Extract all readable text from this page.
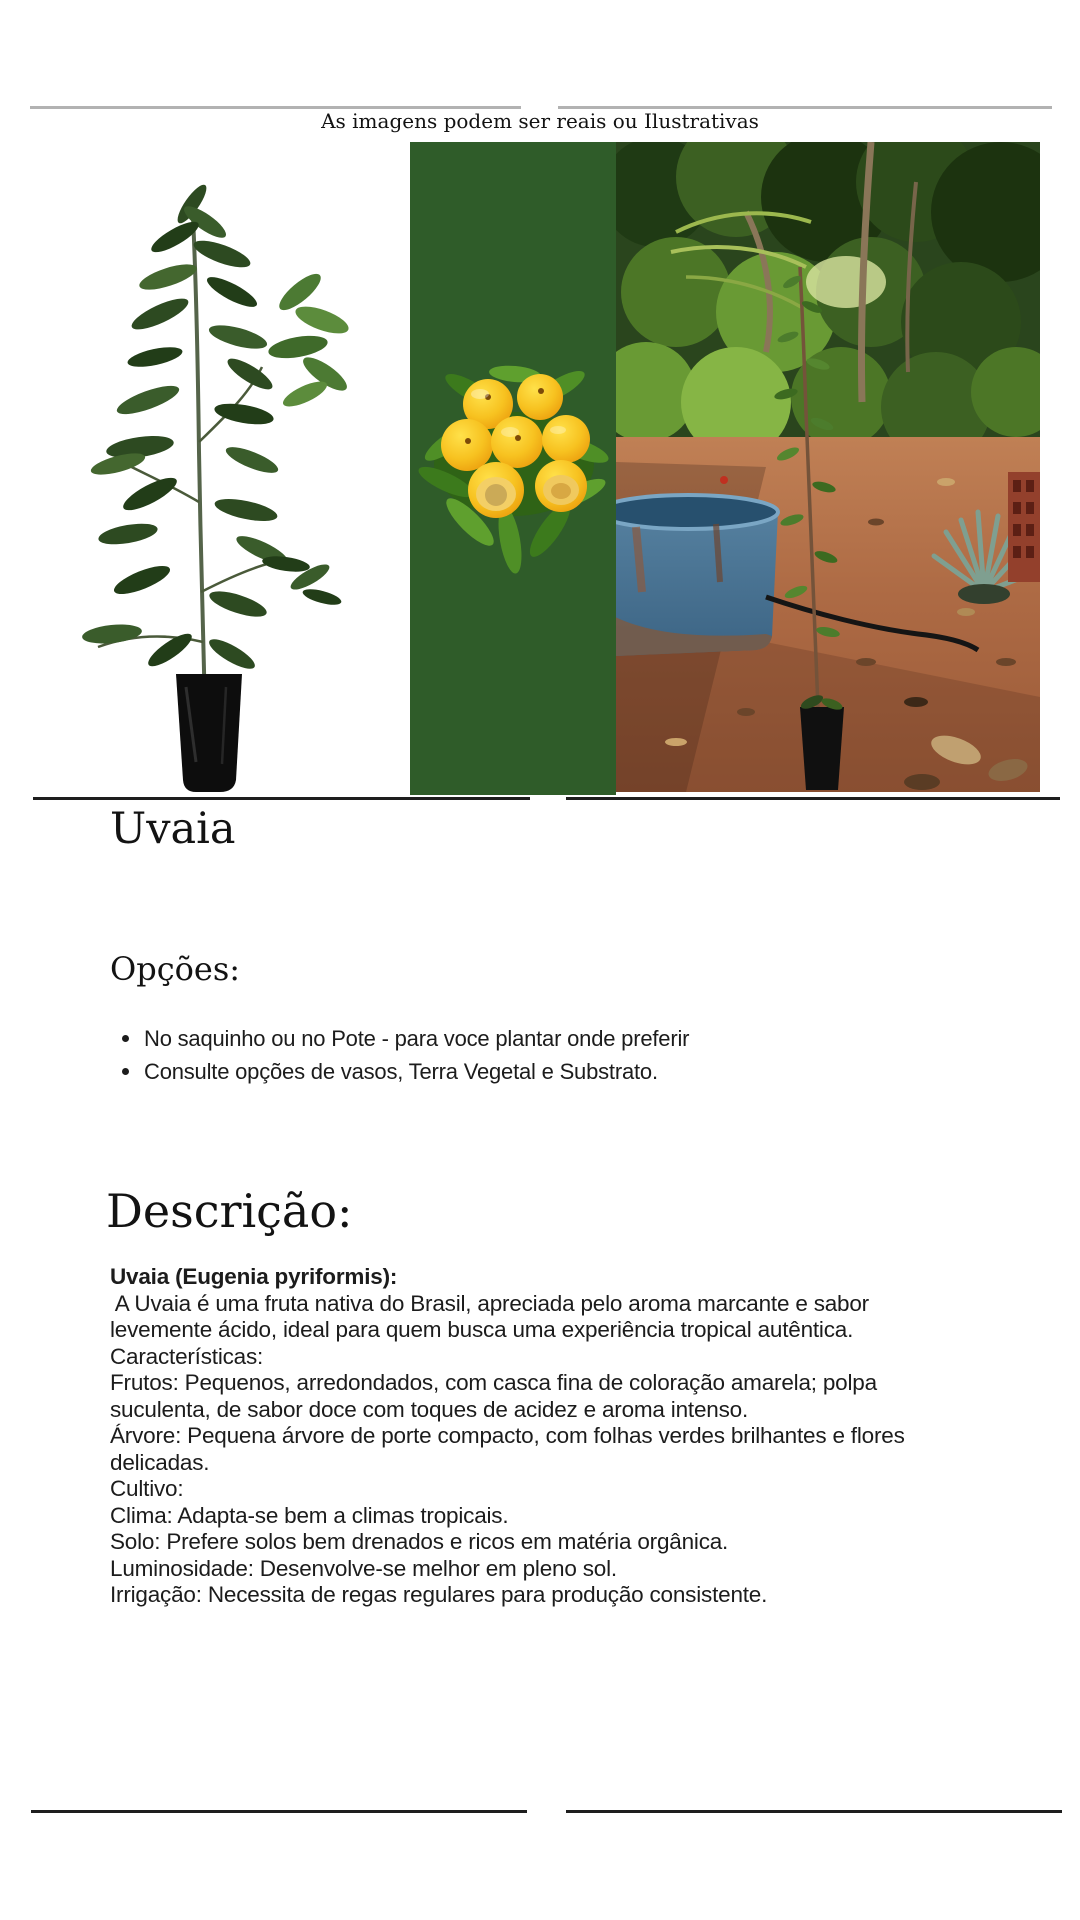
As imagens podem ser reais ou Ilustrativas
Uvaia
Opções:
No saquinho ou no Pote - para voce plantar onde preferir
Consulte opções de vasos, Terra Vegetal e Substrato.
Descrição:
Uvaia (Eugenia pyriformis):
A Uvaia é uma fruta nativa do Brasil, apreciada pelo aroma marcante e sabor
levemente ácido, ideal para quem busca uma experiência tropical autêntica.
Características:
Frutos: Pequenos, arredondados, com casca fina de coloração amarela; polpa
suculenta, de sabor doce com toques de acidez e aroma intenso.
Árvore: Pequena árvore de porte compacto, com folhas verdes brilhantes e flores
delicadas.
Cultivo:
Clima: Adapta-se bem a climas tropicais.
Solo: Prefere solos bem drenados e ricos em matéria orgânica.
Luminosidade: Desenvolve-se melhor em pleno sol.
Irrigação: Necessita de regas regulares para produção consistente.
